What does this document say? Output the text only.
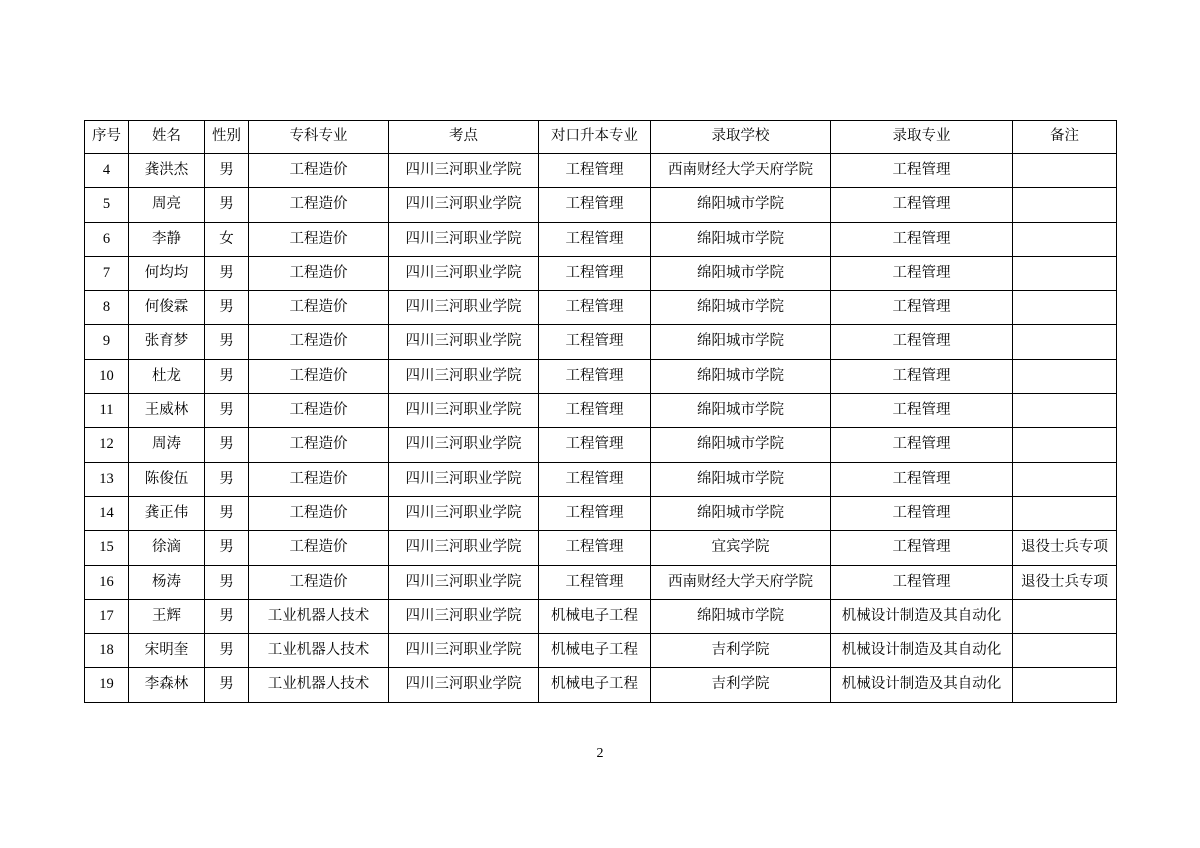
序号	姓名	性别	专科专业	考点	对口升本专业	录取学校	录取专业	备注
4	龚洪杰	男	工程造价	四川三河职业学院	工程管理	西南财经大学天府学院	工程管理	
5	周亮	男	工程造价	四川三河职业学院	工程管理	绵阳城市学院	工程管理	
6	李静	女	工程造价	四川三河职业学院	工程管理	绵阳城市学院	工程管理	
7	何均均	男	工程造价	四川三河职业学院	工程管理	绵阳城市学院	工程管理	
8	何俊霖	男	工程造价	四川三河职业学院	工程管理	绵阳城市学院	工程管理	
9	张育梦	男	工程造价	四川三河职业学院	工程管理	绵阳城市学院	工程管理	
10	杜龙	男	工程造价	四川三河职业学院	工程管理	绵阳城市学院	工程管理	
11	王威林	男	工程造价	四川三河职业学院	工程管理	绵阳城市学院	工程管理	
12	周涛	男	工程造价	四川三河职业学院	工程管理	绵阳城市学院	工程管理	
13	陈俊伍	男	工程造价	四川三河职业学院	工程管理	绵阳城市学院	工程管理	
14	龚正伟	男	工程造价	四川三河职业学院	工程管理	绵阳城市学院	工程管理	
15	徐滴	男	工程造价	四川三河职业学院	工程管理	宜宾学院	工程管理	退役士兵专项
16	杨涛	男	工程造价	四川三河职业学院	工程管理	西南财经大学天府学院	工程管理	退役士兵专项
17	王辉	男	工业机器人技术	四川三河职业学院	机械电子工程	绵阳城市学院	机械设计制造及其自动化	
18	宋明奎	男	工业机器人技术	四川三河职业学院	机械电子工程	吉利学院	机械设计制造及其自动化	
19	李森林	男	工业机器人技术	四川三河职业学院	机械电子工程	吉利学院	机械设计制造及其自动化	
2
